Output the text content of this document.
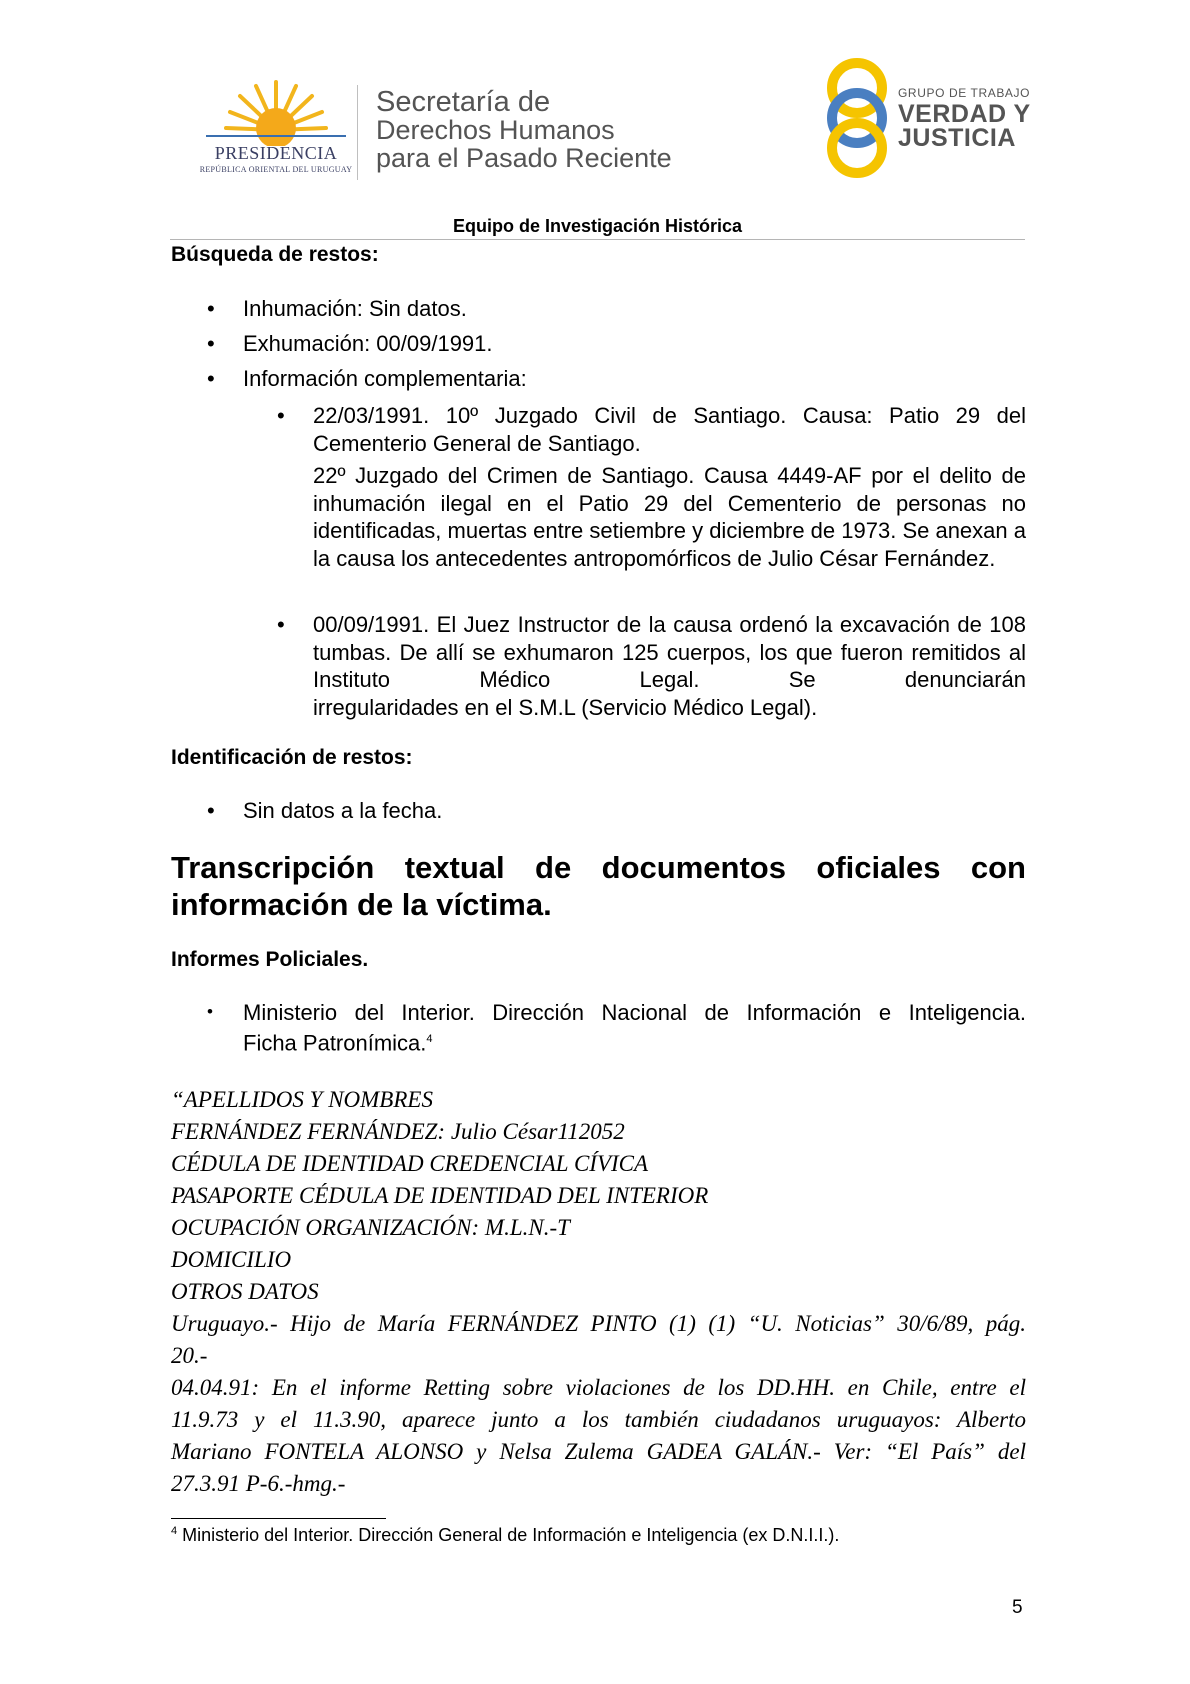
PRESIDENCIA
REPÚBLICA ORIENTAL DEL URUGUAY
Secretaría de
Derechos Humanos
para el Pasado Reciente
GRUPO DE TRABAJO
VERDAD Y
JUSTICIA
Equipo de Investigación Histórica
Búsqueda de restos:
• Inhumación: Sin datos.
• Exhumación: 00/09/1991.
• Información complementaria:
• 22/03/1991. 10º Juzgado Civil de Santiago. Causa: Patio 29 del
Cementerio General de Santiago.
22º Juzgado del Crimen de Santiago. Causa 4449-AF por el delito de inhumación ilegal en el Patio 29 del Cementerio de personas no identificadas, muertas entre setiembre y diciembre de 1973. Se anexan a la causa los antecedentes antropomórficos de Julio César Fernández.
• 00/09/1991. El Juez Instructor de la causa ordenó la excavación de 108 tumbas. De allí se exhumaron 125 cuerpos, los que fueron remitidos al Instituto Médico Legal. Se denunciarán
irregularidades en el S.M.L (Servicio Médico Legal).
Identificación de restos:
• Sin datos a la fecha.
Transcripción textual de documentos oficiales con
información de la víctima.
Informes Policiales.
• Ministerio del Interior. Dirección Nacional de Información e Inteligencia.
Ficha Patronímica.$^4$
“APELLIDOS Y NOMBRES
FERNÁNDEZ FERNÁNDEZ: Julio César112052
CÉDULA DE IDENTIDAD CREDENCIAL CÍVICA
PASAPORTE CÉDULA DE IDENTIDAD DEL INTERIOR
OCUPACIÓN ORGANIZACIÓN: M.L.N.-T
DOMICILIO
OTROS DATOS
Uruguayo.- Hijo de María FERNÁNDEZ PINTO (1) (1) “U. Noticias” 30/6/89, pág.
20.-
04.04.91: En el informe Retting sobre violaciones de los DD.HH. en Chile, entre el
11.9.73 y el 11.3.90, aparece junto a los también ciudadanos uruguayos: Alberto
Mariano FONTELA ALONSO y Nelsa Zulema GADEA GALÁN.- Ver: “El País” del
27.3.91 P-6.-hmg.-
$^4$ Ministerio del Interior. Dirección General de Información e Inteligencia (ex D.N.I.I.).
5
